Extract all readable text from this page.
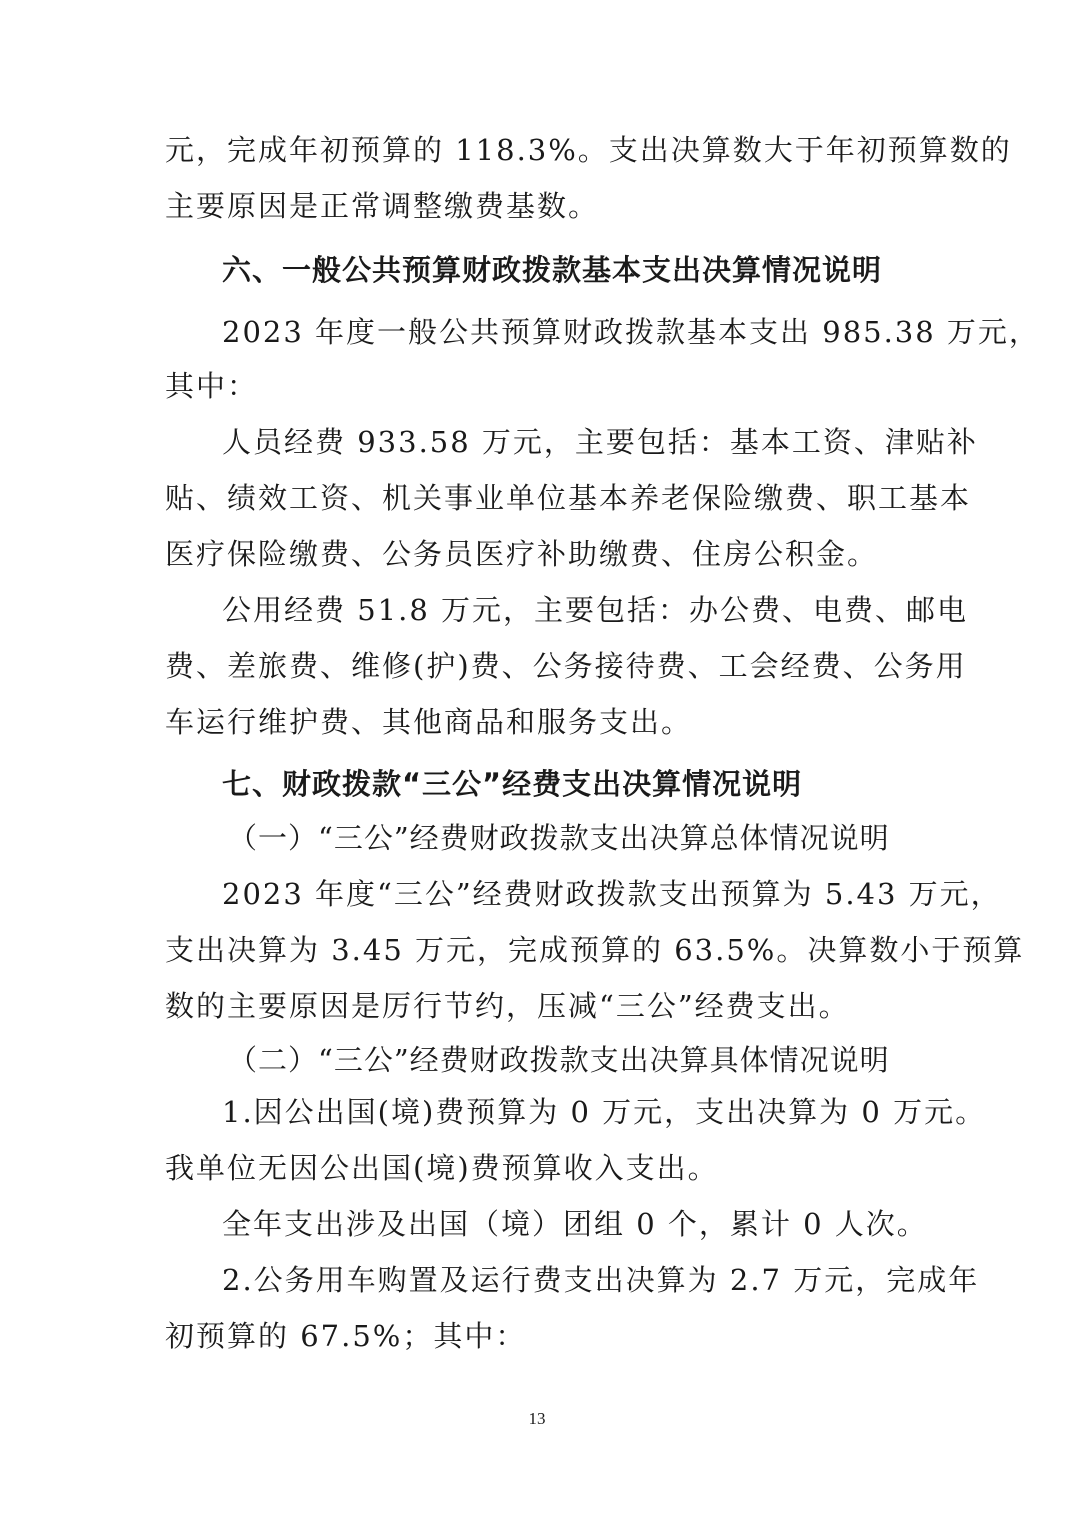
元，完成年初预算的 118.3%。支出决算数大于年初预算数的
主要原因是正常调整缴费基数。
六、一般公共预算财政拨款基本支出决算情况说明
2023 年度一般公共预算财政拨款基本支出 985.38 万元，
其中：
人员经费 933.58 万元，主要包括：基本工资、津贴补
贴、绩效工资、机关事业单位基本养老保险缴费、职工基本
医疗保险缴费、公务员医疗补助缴费、住房公积金。
公用经费 51.8 万元，主要包括：办公费、电费、邮电
费、差旅费、维修(护)费、公务接待费、工会经费、公务用
车运行维护费、其他商品和服务支出。
七、财政拨款“三公”经费支出决算情况说明
（一）“三公”经费财政拨款支出决算总体情况说明
2023 年度“三公”经费财政拨款支出预算为 5.43 万元，
支出决算为 3.45 万元，完成预算的 63.5%。决算数小于预算
数的主要原因是厉行节约，压减“三公”经费支出。
（二）“三公”经费财政拨款支出决算具体情况说明
1.因公出国(境)费预算为 0 万元，支出决算为 0 万元。
我单位无因公出国(境)费预算收入支出。
全年支出涉及出国（境）团组 0 个，累计 0 人次。
2.公务用车购置及运行费支出决算为 2.7 万元，完成年
初预算的 67.5%；其中：
13
